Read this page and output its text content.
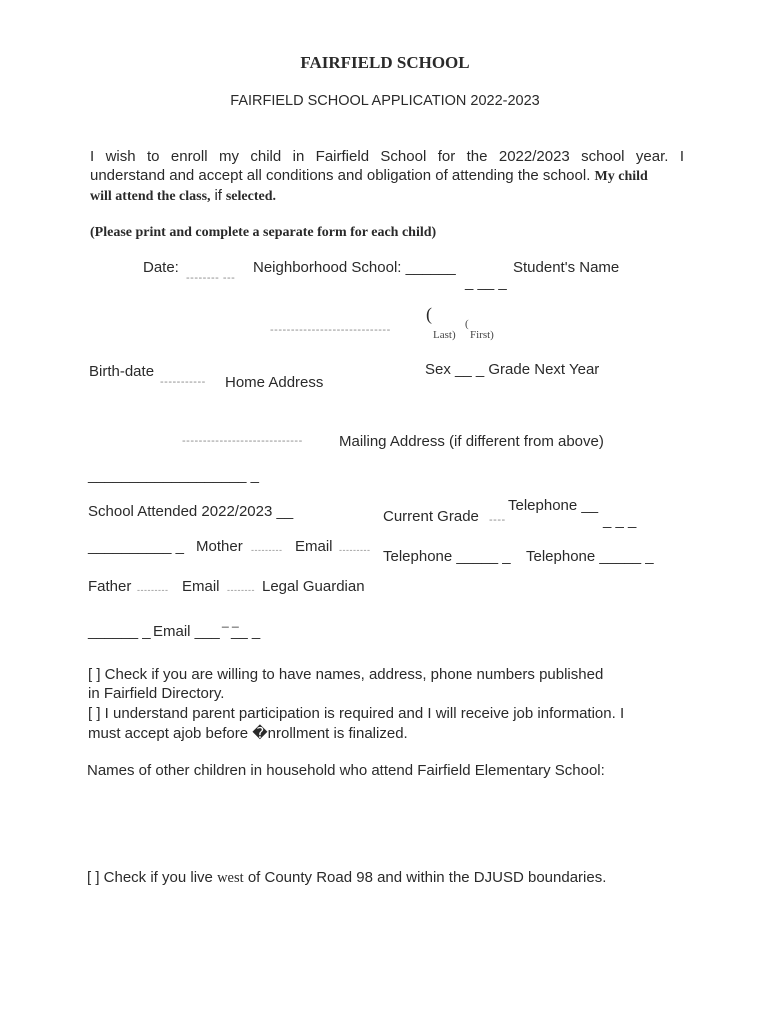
FAIRFIELD SCHOOL
FAIRFIELD SCHOOL APPLICATION 2022-2023
I wish to enroll my child in Fairfield School for the 2022/2023 school year. I
understand and accept all conditions and obligation of attending the school. My child
will attend the class, if selected.
(Please print and complete a separate form for each child)
Date:
-------- ---
Neighborhood School: ______	Student's Name
_ __ _
-----------------------------
(
Last)
(
First)
Birth-date
----------- Home Address
Sex __ _ Grade Next Year
----------------------------- Mailing Address (if different from above)
___________________ _
School Attended 2022/2023 __	Current Grade ----
Telephone __
_ _ _
__________ _ Mother --------- Email --------- Telephone _____ _ Telephone _____ _
Father --------- Email -------- Legal Guardian
______ _ Email ___
_ _
__ _
[ ] Check if you are willing to have names, address, phone numbers published
in Fairfield Directory.
[ ] I understand parent participation is required and I will receive job information. I
must accept ajob before �nrollment is finalized.
Names of other children in household who attend Fairfield Elementary School:
[ ] Check if you live west of County Road 98 and within the DJUSD boundaries.
